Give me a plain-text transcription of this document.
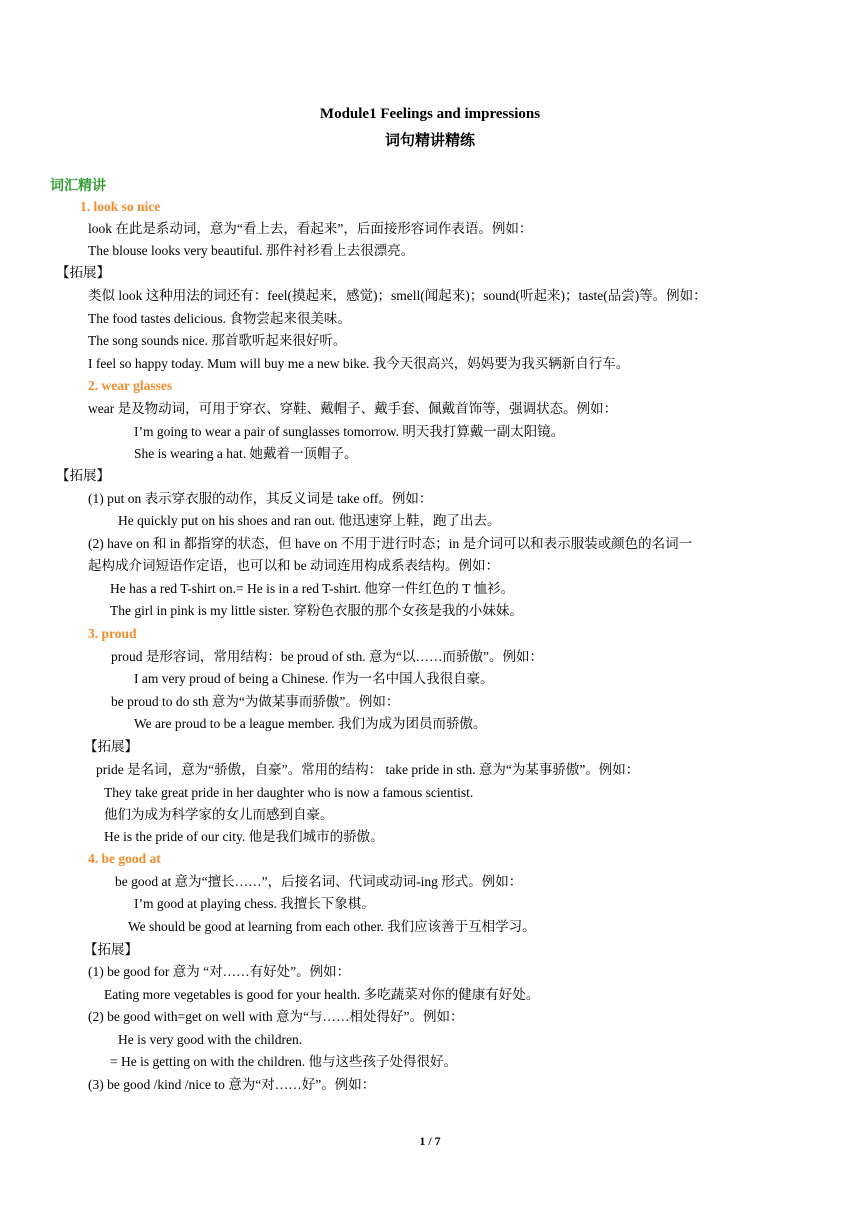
Module1 Feelings and impressions
词句精讲精练
词汇精讲
1. look so nice
look 在此是系动词，意为“看上去，看起来”，后面接形容词作表语。例如：
The blouse looks very beautiful. 那件衬衫看上去很漂亮。
【拓展】
类似 look 这种用法的词还有：feel(摸起来，感觉)；smell(闻起来)；sound(听起来)；taste(品尝)等。例如：
The food tastes delicious. 食物尝起来很美味。
The song sounds nice. 那首歌听起来很好听。
I feel so happy today. Mum will buy me a new bike. 我今天很高兴，妈妈要为我买辆新自行车。
2. wear glasses
wear 是及物动词，可用于穿衣、穿鞋、戴帽子、戴手套、佩戴首饰等，强调状态。例如：
I’m going to wear a pair of sunglasses tomorrow. 明天我打算戴一副太阳镜。
She is wearing a hat. 她戴着一顶帽子。
【拓展】
(1) put on 表示穿衣服的动作，其反义词是 take off。例如：
He quickly put on his shoes and ran out. 他迅速穿上鞋，跑了出去。
(2) have on 和 in 都指穿的状态，但 have on 不用于进行时态；in 是介词可以和表示服装或颜色的名词一
起构成介词短语作定语，也可以和 be 动词连用构成系表结构。例如：
He has a red T-shirt on.= He is in a red T-shirt. 他穿一件红色的 T 恤衫。
The girl in pink is my little sister. 穿粉色衣服的那个女孩是我的小妹妹。
3. proud
proud 是形容词，常用结构：be proud of sth. 意为“以……而骄傲”。例如：
I am very proud of being a Chinese. 作为一名中国人我很自豪。
be proud to do sth 意为“为做某事而骄傲”。例如：
We are proud to be a league member. 我们为成为团员而骄傲。
【拓展】
pride 是名词，意为“骄傲，自豪”。常用的结构： take pride in sth. 意为“为某事骄傲”。例如：
They take great pride in her daughter who is now a famous scientist.
他们为成为科学家的女儿而感到自豪。
He is the pride of our city. 他是我们城市的骄傲。
4. be good at
be good at 意为“擅长……”，后接名词、代词或动词-ing 形式。例如：
I’m good at playing chess. 我擅长下象棋。
We should be good at learning from each other. 我们应该善于互相学习。
【拓展】
(1) be good for 意为 “对……有好处”。例如：
Eating more vegetables is good for your health. 多吃蔬菜对你的健康有好处。
(2) be good with=get on well with 意为“与……相处得好”。例如：
He is very good with the children.
= He is getting on with the children. 他与这些孩子处得很好。
(3) be good /kind /nice to 意为“对……好”。例如：
1 / 7
